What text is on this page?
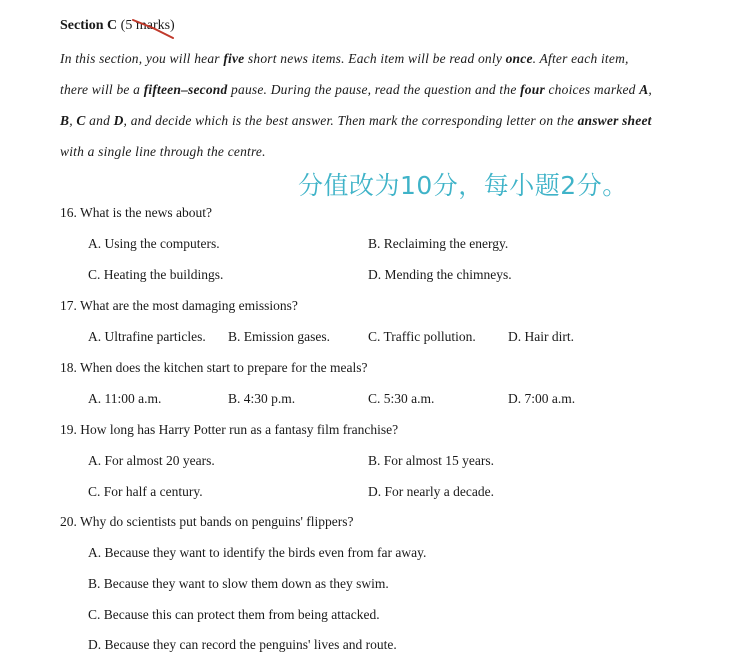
Section C (5 marks)
In this section, you will hear five short news items. Each item will be read only once. After each item,
there will be a fifteen–second pause. During the pause, read the question and the four choices marked A,
B, C and D, and decide which is the best answer. Then mark the corresponding letter on the answer sheet
with a single line through the centre.
分值改为10分，每小题2分。
16. What is the news about?
A. Using the computers.	B. Reclaiming the energy.
C. Heating the buildings.	D. Mending the chimneys.
17. What are the most damaging emissions?
A. Ultrafine particles. B. Emission gases.	C. Traffic pollution. D. Hair dirt.
18. When does the kitchen start to prepare for the meals?
A. 11:00 a.m.	B. 4:30 p.m.	C. 5:30 a.m.	D. 7:00 a.m.
19. How long has Harry Potter run as a fantasy film franchise?
A. For almost 20 years.	B. For almost 15 years.
C. For half a century.	D. For nearly a decade.
20. Why do scientists put bands on penguins' flippers?
A. Because they want to identify the birds even from far away.
B. Because they want to slow them down as they swim.
C. Because this can protect them from being attacked.
D. Because they can record the penguins' lives and route.
